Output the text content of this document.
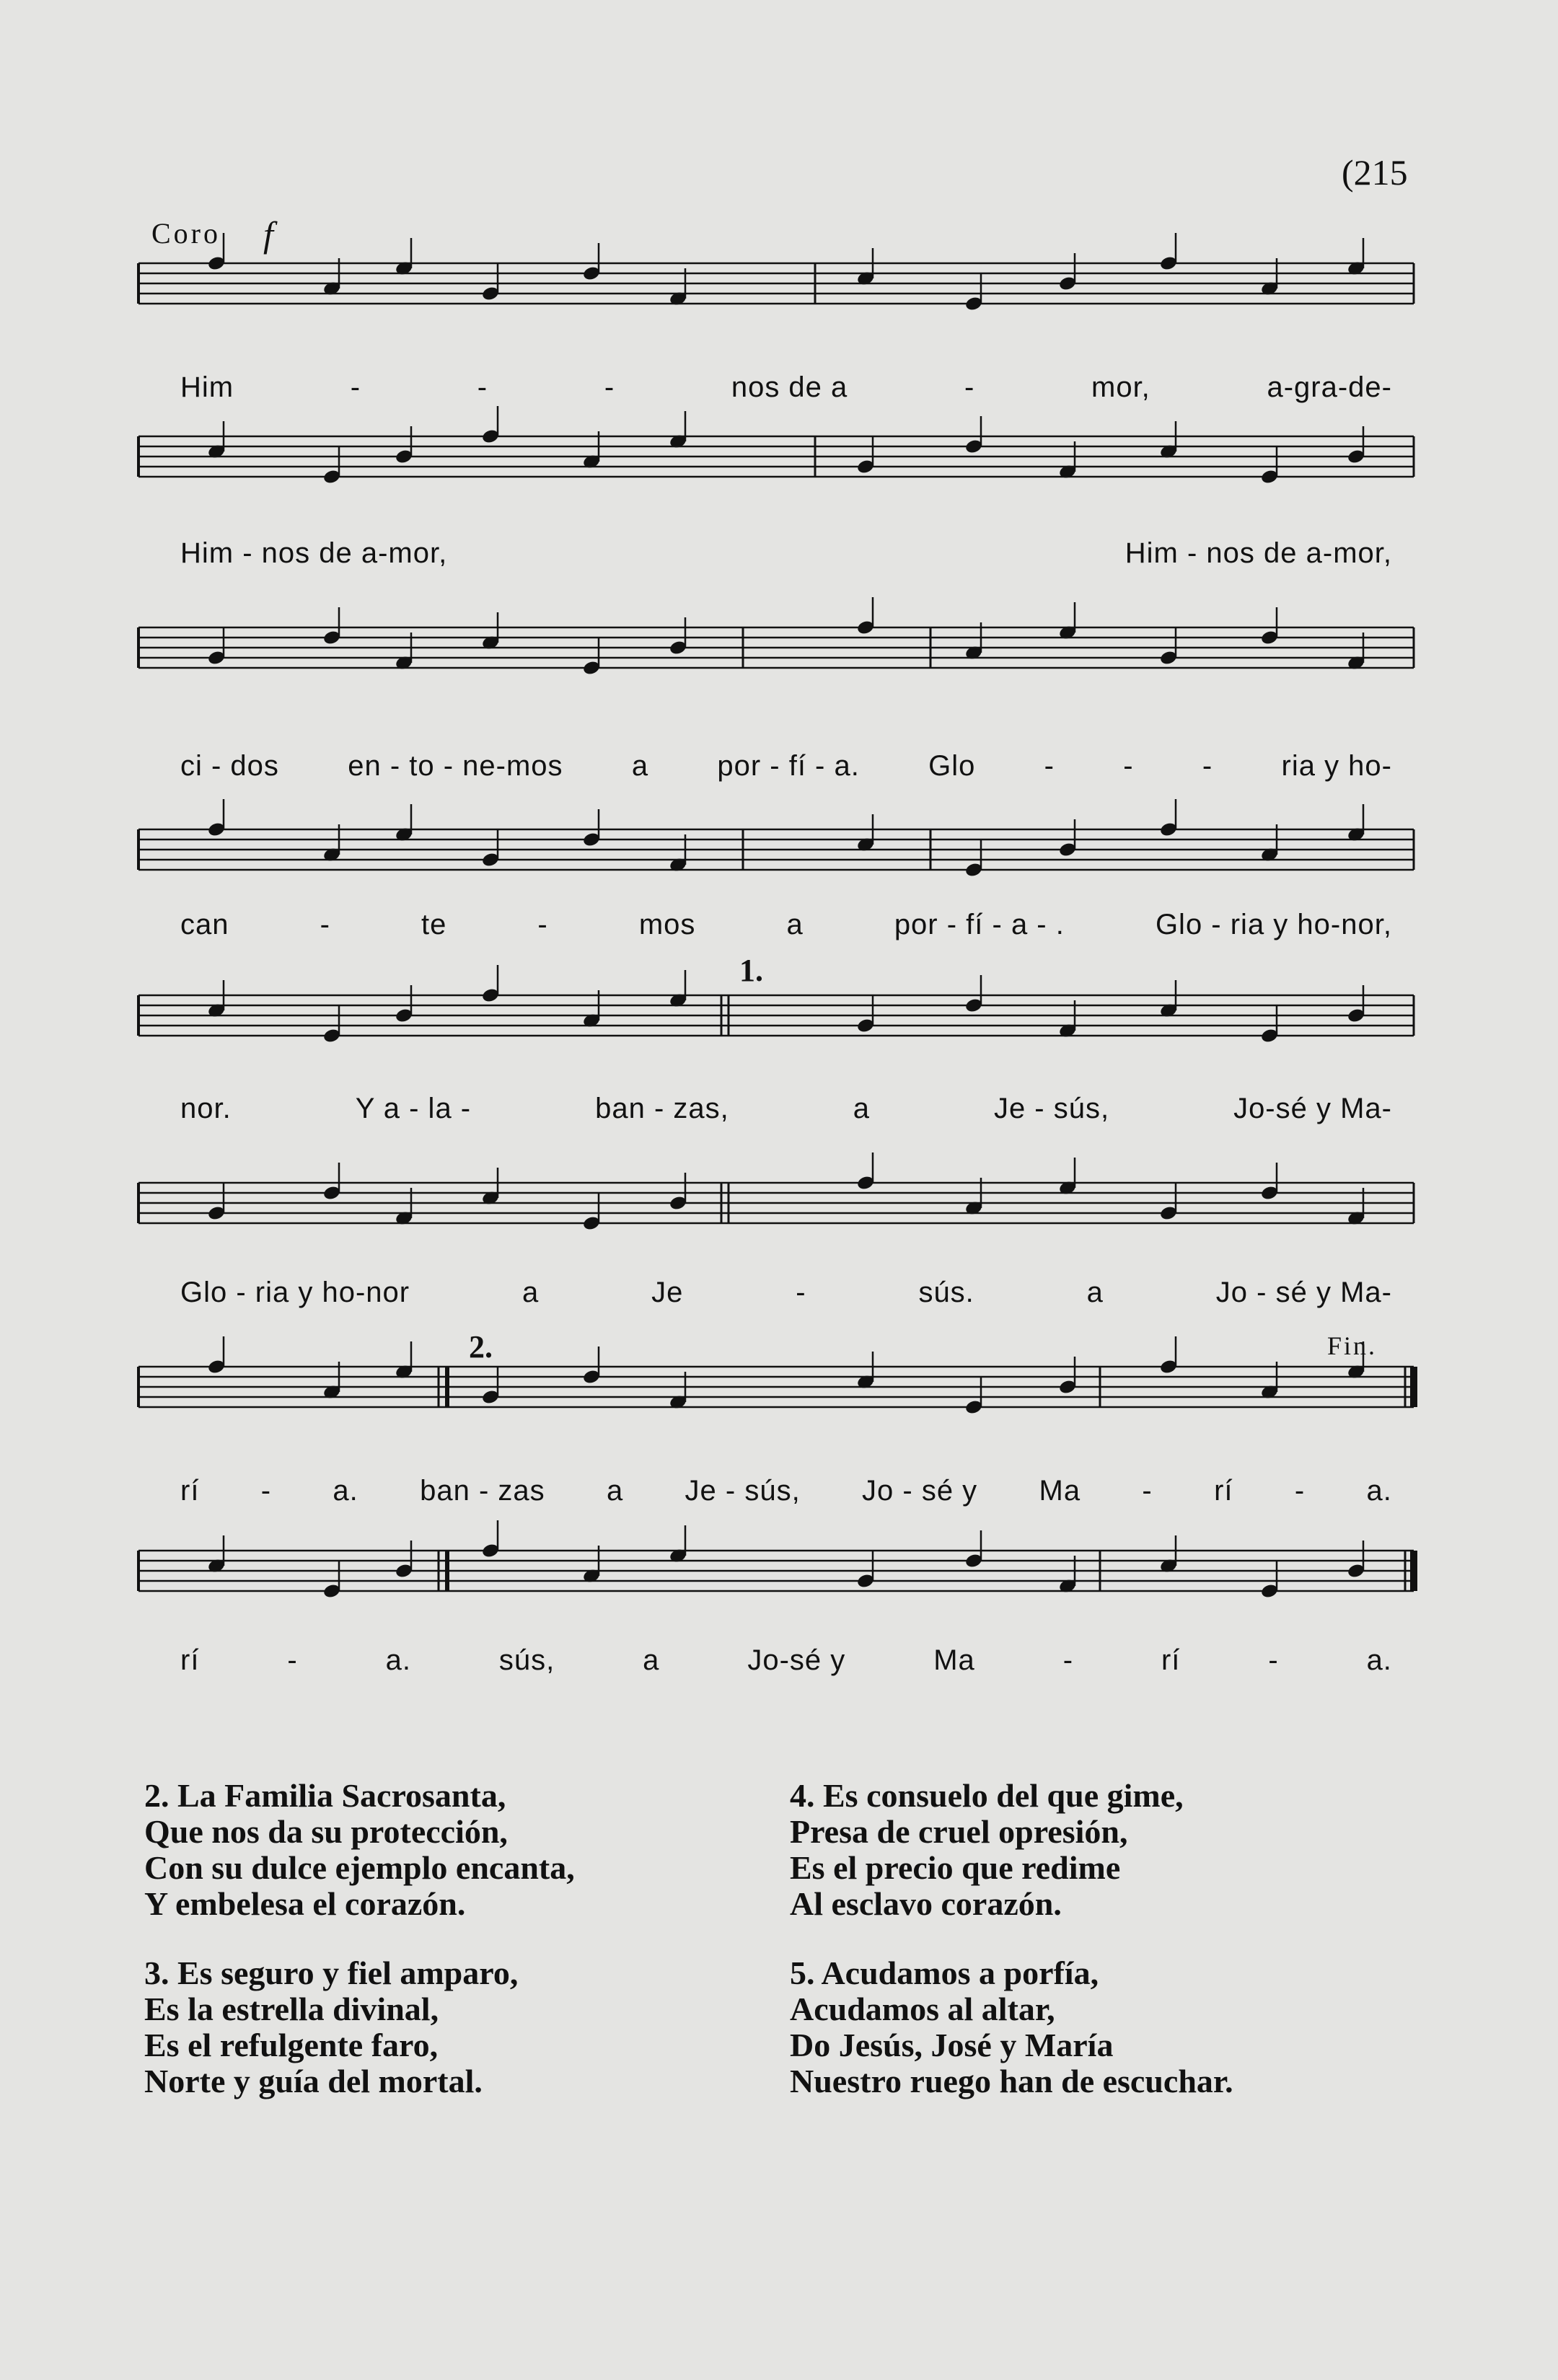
(215
Coro f
Him	-	-	-	nos de a	-	mor,	a-gra-de-
Him - nos de a-mor,	Him - nos de a-mor,
ci - dos en - to - ne-mos a por - fí - a. Glo - - - ria y ho-
can	-	te	-	mos	a	por - fí - a - .	Glo - ria y ho-nor,
nor.	Y a - la -	ban - zas,	a	Je - sús,	Jo-sé y Ma-
Glo - ria y ho-nor	a	Je	-	sús.	a	Jo - sé y Ma-
rí - a. ban - zas a Je - sús, Jo - sé y Ma - rí - a.
rí	-	a.	sús,	a	Jo-sé y	Ma	-	rí	-	a.
1.
2.	Fin.
2. La Familia Sacrosanta,
Que nos da su protección,
Con su dulce ejemplo encanta,
Y embelesa el corazón.
3. Es seguro y fiel amparo,
Es la estrella divinal,
Es el refulgente faro,
Norte y guía del mortal.
4. Es consuelo del que gime,
Presa de cruel opresión,
Es el precio que redime
Al esclavo corazón.
5. Acudamos a porfía,
Acudamos al altar,
Do Jesús, José y María
Nuestro ruego han de escuchar.
